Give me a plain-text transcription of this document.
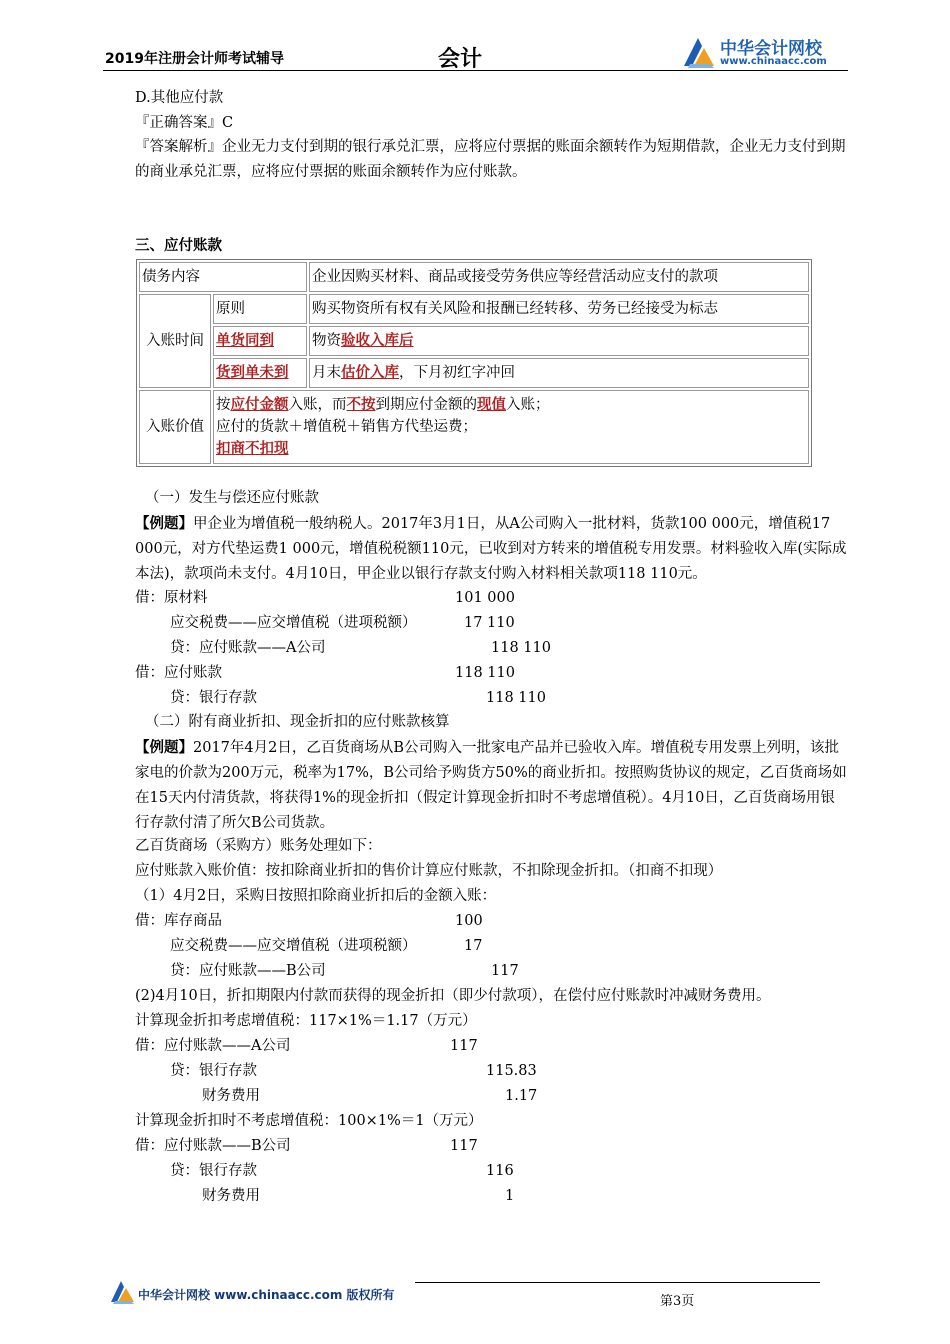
2019年注册会计师考试辅导	会计	中华会计网校
www.chinaacc.com
D.其他应付款
『正确答案』C
『答案解析』企业无力支付到期的银行承兑汇票，应将应付票据的账面余额转作为短期借款，企业无力支付到期的商业承兑汇票，应将应付票据的账面余额转作为应付账款。
三、应付账款
债务内容		企业因购买材料、商品或接受劳务供应等经营活动应支付的款项
入账时间	原则	购买物资所有权有关风险和报酬已经转移、劳务已经接受为标志
	单货同到	物资验收入库后
	货到单未到	月末估价入库，下月初红字冲回
入账价值	按应付金额入账，而不按到期应付金额的现值入账；
应付的货款＋增值税＋销售方代垫运费；
扣商不扣现	
（一）发生与偿还应付账款
【例题】甲企业为增值税一般纳税人。2017年3月1日，从A公司购入一批材料，货款100 000元，增值税17 000元，对方代垫运费1 000元，增值税税额110元，已收到对方转来的增值税专用发票。材料验收入库(实际成本法)，款项尚未支付。4月10日，甲企业以银行存款支付购入材料相关款项118 110元。
借：原材料	101 000
应交税费——应交增值税（进项税额）	17 110
贷：应付账款——A公司	118 110
借：应付账款	118 110
贷：银行存款	118 110
（二）附有商业折扣、现金折扣的应付账款核算
【例题】2017年4月2日，乙百货商场从B公司购入一批家电产品并已验收入库。增值税专用发票上列明，该批家电的价款为200万元，税率为17%，B公司给予购货方50%的商业折扣。按照购货协议的规定，乙百货商场如在15天内付清货款，将获得1%的现金折扣（假定计算现金折扣时不考虑增值税）。4月10日，乙百货商场用银行存款付清了所欠B公司货款。
乙百货商场（采购方）账务处理如下：
应付账款入账价值：按扣除商业折扣的售价计算应付账款，不扣除现金折扣。（扣商不扣现）
（1）4月2日，采购日按照扣除商业折扣后的金额入账：
借：库存商品	100
应交税费——应交增值税（进项税额）	17
贷：应付账款——B公司	117
(2)4月10日，折扣期限内付款而获得的现金折扣（即少付款项），在偿付应付账款时冲减财务费用。
计算现金折扣考虑增值税：117×1%＝1.17（万元）
借：应付账款——A公司	117
贷：银行存款	115.83
财务费用	1.17
计算现金折扣时不考虑增值税：100×1%＝1（万元）
借：应付账款——B公司	117
贷：银行存款	116
财务费用	1
中华会计网校 www.chinaacc.com 版权所有	第3页
